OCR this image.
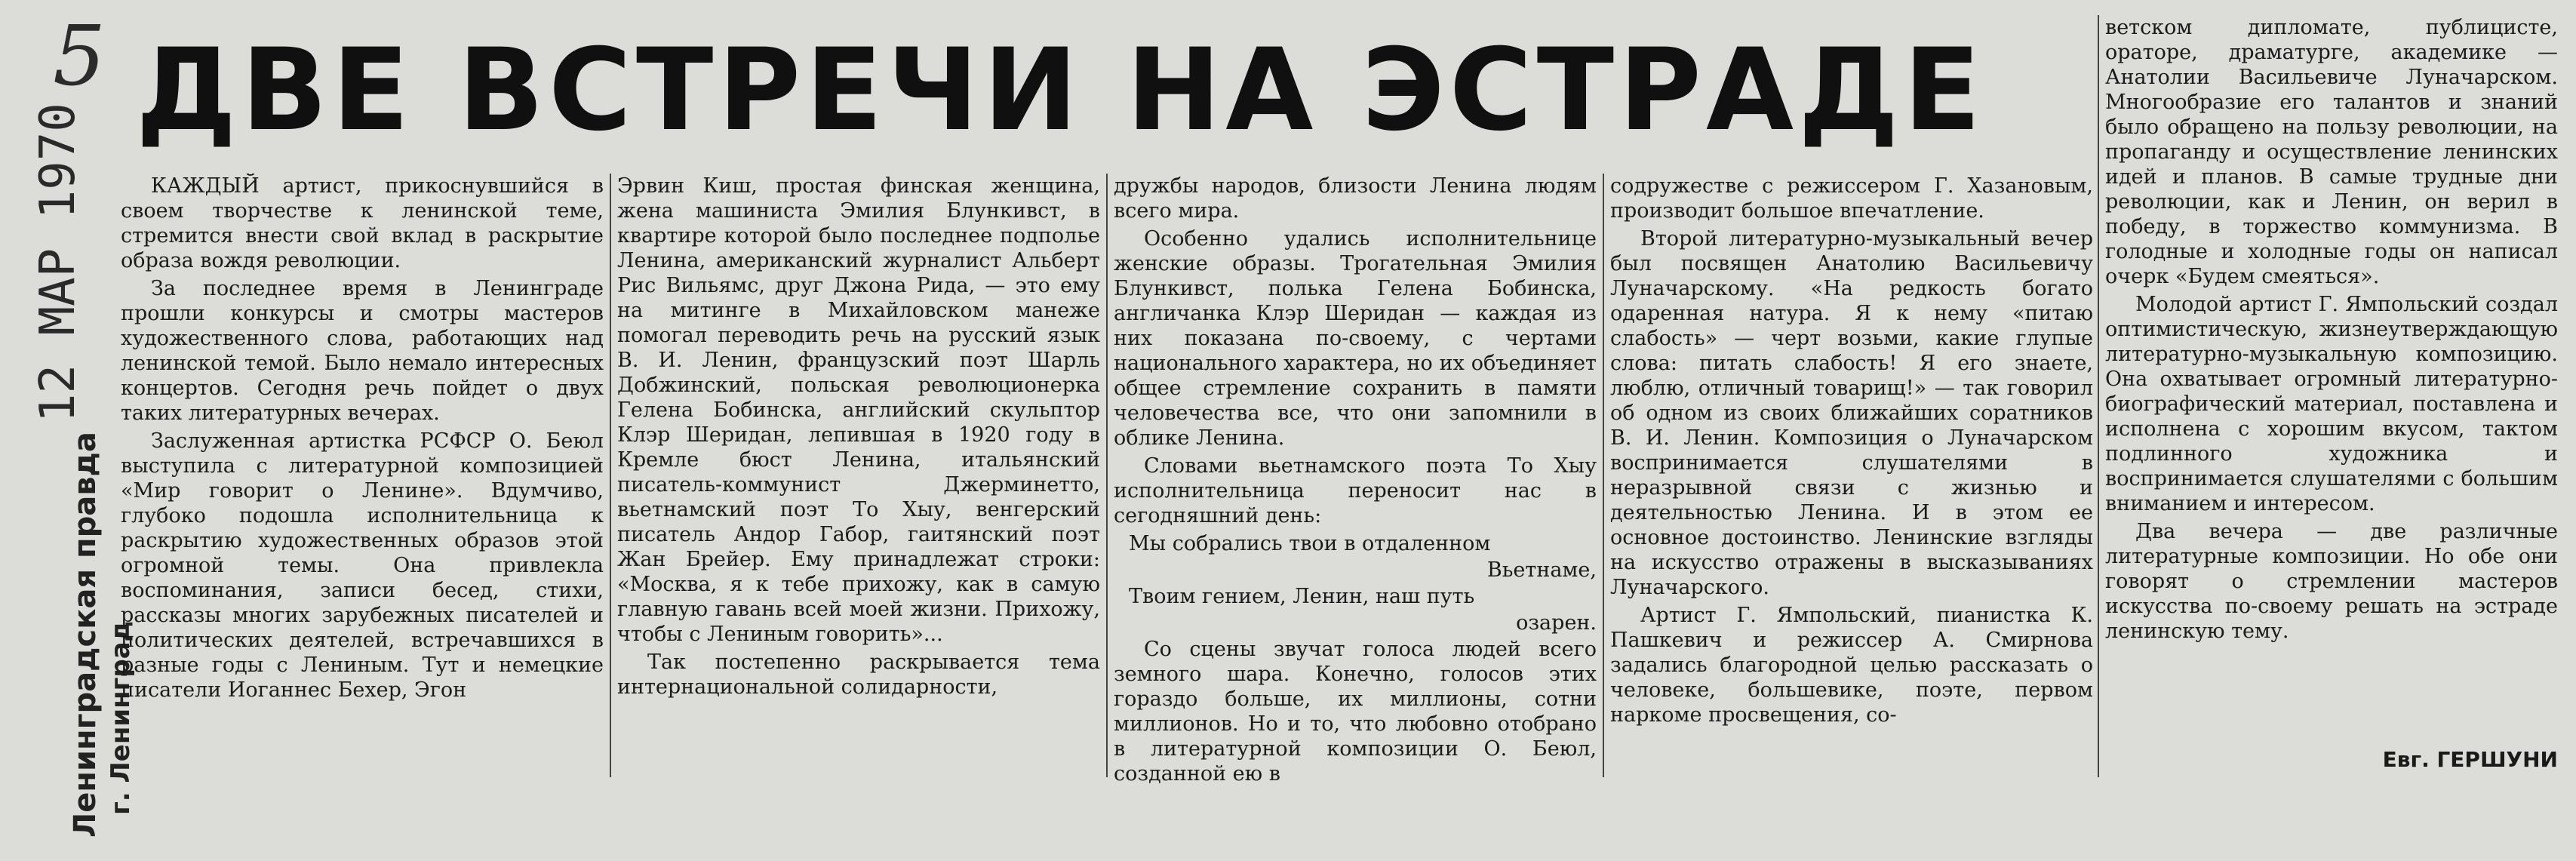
5
12 МАР 1970
Ленинградская правда г. Ленинград
ДВЕ ВСТРЕЧИ НА ЭСТРАДЕ

КАЖДЫЙ артист, прикоснувшийся в своем творчестве к ленинской теме, стремится внести свой вклад в раскрытие образа вождя революции.

За последнее время в Ленинграде прошли конкурсы и смотры мастеров художественного слова, работающих над ленинской темой. Было немало интересных концертов. Сегодня речь пойдет о двух таких литературных вечерах.

Заслуженная артистка РСФСР О. Беюл выступила с литературной композицией «Мир говорит о Ленине». Вдумчиво, глубоко подошла исполнительница к раскрытию художественных образов этой огромной темы. Она привлекла воспоминания, записи бесед, стихи, рассказы многих зарубежных писателей и политических деятелей, встречавшихся в разные годы с Лениным. Тут и немецкие писатели Иоганнес Бехер, Эгон

Эрвин Киш, простая финская женщина, жена машиниста Эмилия Блункивст, в квартире которой было последнее подполье Ленина, американский журналист Альберт Рис Вильямс, друг Джона Рида, — это ему на митинге в Михайловском манеже помогал переводить речь на русский язык В. И. Ленин, французский поэт Шарль Добжинский, польская революционерка Гелена Бобинска, английский скульптор Клэр Шеридан, лепившая в 1920 году в Кремле бюст Ленина, итальянский писатель-коммунист Джерминетто, вьетнамский поэт То Хыу, венгерский писатель Андор Габор, гаитянский поэт Жан Брейер. Ему принадлежат строки: «Москва, я к тебе прихожу, как в самую главную гавань всей моей жизни. Прихожу, чтобы с Лениным говорить»...

Так постепенно раскрывается тема интернациональной солидарности,

дружбы народов, близости Ленина людям всего мира.

Особенно удались исполнительнице женские образы. Трогательная Эмилия Блункивст, полька Гелена Бобинска, англичанка Клэр Шеридан — каждая из них показана по-своему, с чертами национального характера, но их объединяет общее стремление сохранить в памяти человечества все, что они запомнили в облике Ленина.

Словами вьетнамского поэта То Хыу исполнительница переносит нас в сегодняшний день:

Мы собрались твои в отдаленном

Вьетнаме,

Твоим гением, Ленин, наш путь

озарен.

Со сцены звучат голоса людей всего земного шара. Конечно, голосов этих гораздо больше, их миллионы, сотни миллионов. Но и то, что любовно отобрано в литературной композиции О. Беюл, созданной ею в

содружестве с режиссером Г. Хазановым, производит большое впечатление.

Второй литературно-музыкальный вечер был посвящен Анатолию Васильевичу Луначарскому. «На редкость богато одаренная натура. Я к нему «питаю слабость» — черт возьми, какие глупые слова: питать слабость! Я его знаете, люблю, отличный товарищ!» — так говорил об одном из своих ближайших соратников В. И. Ленин. Композиция о Луначарском воспринимается слушателями в неразрывной связи с жизнью и деятельностью Ленина. И в этом ее основное достоинство. Ленинские взгляды на искусство отражены в высказываниях Луначарского.

Артист Г. Ямпольский, пианистка К. Пашкевич и режиссер А. Смирнова задались благородной целью рассказать о человеке, большевике, поэте, первом наркоме просвещения, со-

ветском дипломате, публицисте, ораторе, драматурге, академике — Анатолии Васильевиче Луначарском. Многообразие его талантов и знаний было обращено на пользу революции, на пропаганду и осуществление ленинских идей и планов. В самые трудные дни революции, как и Ленин, он верил в победу, в торжество коммунизма. В голодные и холодные годы он написал очерк «Будем смеяться».

Молодой артист Г. Ямпольский создал оптимистическую, жизнеутверждающую литературно-музыкальную композицию. Она охватывает огромный литературно-биографический материал, поставлена и исполнена с хорошим вкусом, тактом подлинного художника и воспринимается слушателями с большим вниманием и интересом.

Два вечера — две различные литературные композиции. Но обе они говорят о стремлении мастеров искусства по-своему решать на эстраде ленинскую тему.

Евг. ГЕРШУНИ
